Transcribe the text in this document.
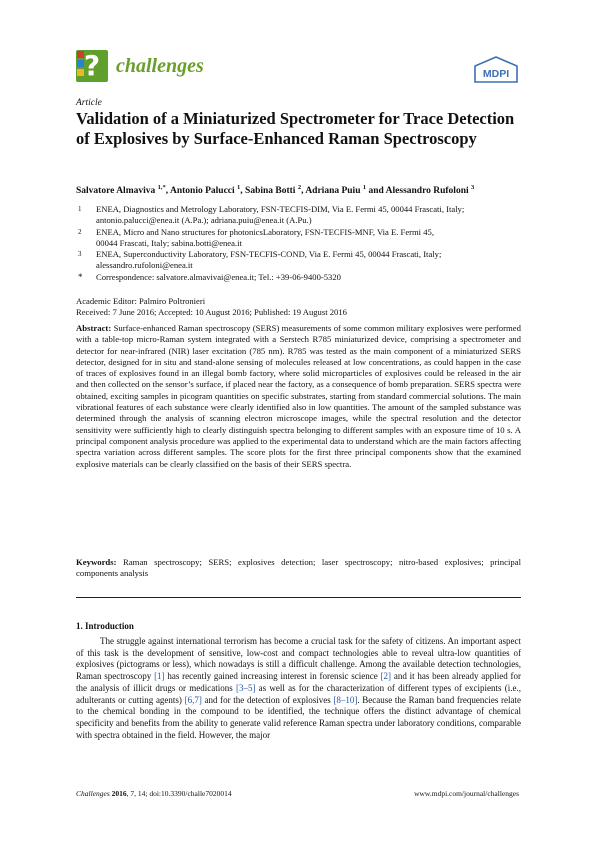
? challenges	MDPI
Article
Validation of a Miniaturized Spectrometer for Trace Detection of Explosives by Surface-Enhanced Raman Spectroscopy
Salvatore Almaviva $^{1,*}$, Antonio Palucci $^1$, Sabina Botti $^2$, Adriana Puiu $^1$ and Alessandro Rufoloni $^3$
1 ENEA, Diagnostics and Metrology Laboratory, FSN-TECFIS-DIM, Via E. Fermi 45, 00044 Frascati, Italy;
antonio.palucci@enea.it (A.Pa.); adriana.puiu@enea.it (A.Pu.)
2 ENEA, Micro and Nano structures for photonicsLaboratory, FSN-TECFIS-MNF, Via E. Fermi 45,
00044 Frascati, Italy; sabina.botti@enea.it
3 ENEA, Superconductivity Laboratory, FSN-TECFIS-COND, Via E. Fermi 45, 00044 Frascati, Italy;
alessandro.rufoloni@enea.it
* Correspondence: salvatore.almavivai@enea.it; Tel.: +39-06-9400-5320
Academic Editor: Palmiro Poltronieri
Received: 7 June 2016; Accepted: 10 August 2016; Published: 19 August 2016
Abstract: Surface-enhanced Raman spectroscopy (SERS) measurements of some common military explosives were performed with a table-top micro-Raman system integrated with a Serstech R785 miniaturized device, comprising a spectrometer and detector for near-infrared (NIR) laser excitation (785 nm). R785 was tested as the main component of a miniaturized SERS detector, designed for in situ and stand-alone sensing of molecules released at low concentrations, as could happen in the case of traces of explosives found in an illegal bomb factory, where solid microparticles of explosives could be released in the air and then collected on the sensor’s surface, if placed near the factory, as a consequence of bomb preparation. SERS spectra were obtained, exciting samples in picogram quantities on specific substrates, starting from standard commercial solutions. The main vibrational features of each substance were clearly identified also in low quantities. The amount of the sampled substance was determined through the analysis of scanning electron microscope images, while the spectral resolution and the detector sensitivity were sufficiently high to clearly distinguish spectra belonging to different samples with an exposure time of 10 s. A principal component analysis procedure was applied to the experimental data to understand which are the main factors affecting spectra variation across different samples. The score plots for the first three principal components show that the examined explosive materials can be clearly classified on the basis of their SERS spectra.
Keywords: Raman spectroscopy; SERS; explosives detection; laser spectroscopy; nitro-based explosives; principal components analysis
1. Introduction
The struggle against international terrorism has become a crucial task for the safety of citizens. An important aspect of this task is the development of sensitive, low-cost and compact technologies able to reveal ultra-low quantities of explosives (pictograms or less), which nowadays is still a difficult challenge. Among the available detection technologies, Raman spectroscopy [1] has recently gained increasing interest in forensic science [2] and it has been already applied for the analysis of illicit drugs or medications [3–5] as well as for the characterization of different types of excipients (i.e., adulterants or cutting agents) [6,7] and for the detection of explosives [8–10]. Because the Raman band frequencies relate to the chemical bonding in the compound to be identified, the technique offers the distinct advantage of chemical specificity and benefits from the ability to generate valid reference Raman spectra under laboratory conditions, comparable with spectra obtained in the field. However, the major
Challenges 2016, 7, 14; doi:10.3390/challe7020014	www.mdpi.com/journal/challenges
